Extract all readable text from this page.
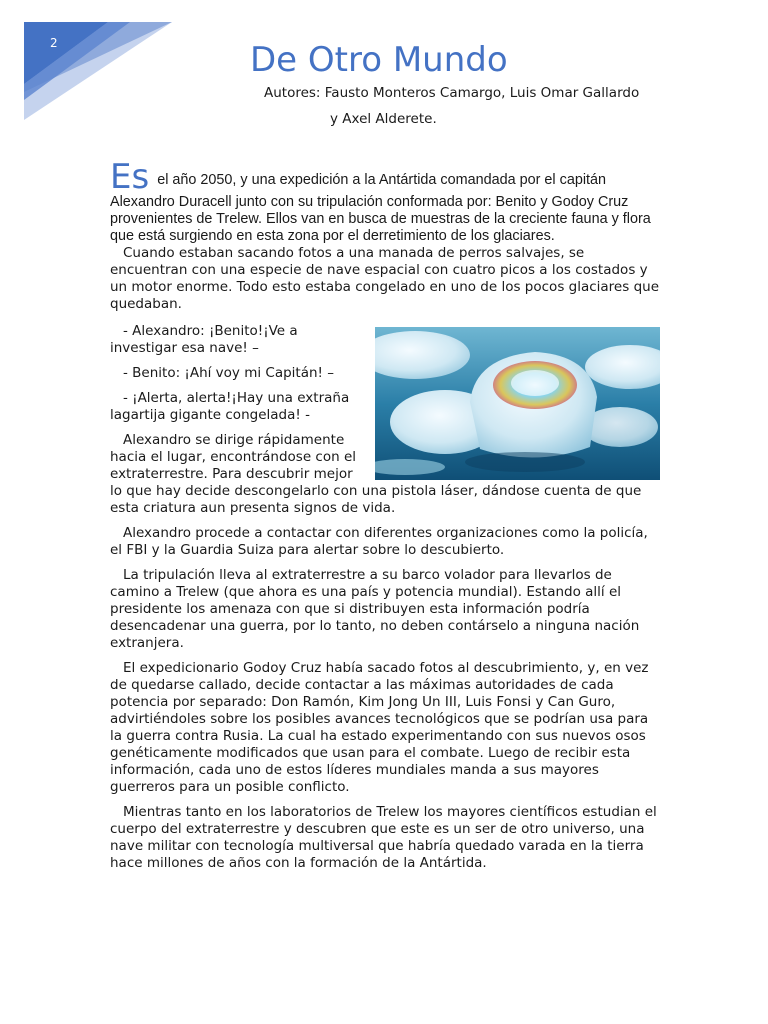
2	De Otro Mundo
Autores: Fausto Monteros Camargo, Luis Omar Gallardo
y Axel Alderete.

Es el año 2050, y una expedición a la Antártida comandada por el capitán Alexandro Duracell junto con su tripulación conformada por: Benito y Godoy Cruz provenientes de Trelew. Ellos van en busca de muestras de la creciente fauna y flora que está surgiendo en esta zona por el derretimiento de los glaciares.

Cuando estaban sacando fotos a una manada de perros salvajes, se encuentran con una especie de nave espacial con cuatro picos a los costados y un motor enorme. Todo esto estaba congelado en uno de los pocos glaciares que quedaban.

- Alexandro: ¡Benito!¡Ve a investigar esa nave! –

- Benito: ¡Ahí voy mi Capitán! –

- ¡Alerta, alerta!¡Hay una extraña lagartija gigante congelada! -

Alexandro se dirige rápidamente hacia el lugar, encontrándose con el extraterrestre. Para descubrir mejor lo que hay decide descongelarlo con una pistola láser, dándose cuenta de que esta criatura aun presenta signos de vida.

Alexandro procede a contactar con diferentes organizaciones como la policía, el FBI y la Guardia Suiza para alertar sobre lo descubierto.

La tripulación lleva al extraterrestre a su barco volador para llevarlos de camino a Trelew (que ahora es una país y potencia mundial). Estando allí el presidente los amenaza con que si distribuyen esta información podría desencadenar una guerra, por lo tanto, no deben contárselo a ninguna nación extranjera.

El expedicionario Godoy Cruz había sacado fotos al descubrimiento, y, en vez de quedarse callado, decide contactar a las máximas autoridades de cada potencia por separado: Don Ramón, Kim Jong Un III, Luis Fonsi y Can Guro, advirtiéndoles sobre los posibles avances tecnológicos que se podrían usa para la guerra contra Rusia. La cual ha estado experimentando con sus nuevos osos genéticamente modificados que usan para el combate. Luego de recibir esta información, cada uno de estos líderes mundiales manda a sus mayores guerreros para un posible conflicto.

Mientras tanto en los laboratorios de Trelew los mayores científicos estudian el cuerpo del extraterrestre y descubren que este es un ser de otro universo, una nave militar con tecnología multiversal que habría quedado varada en la tierra hace millones de años con la formación de la Antártida.
